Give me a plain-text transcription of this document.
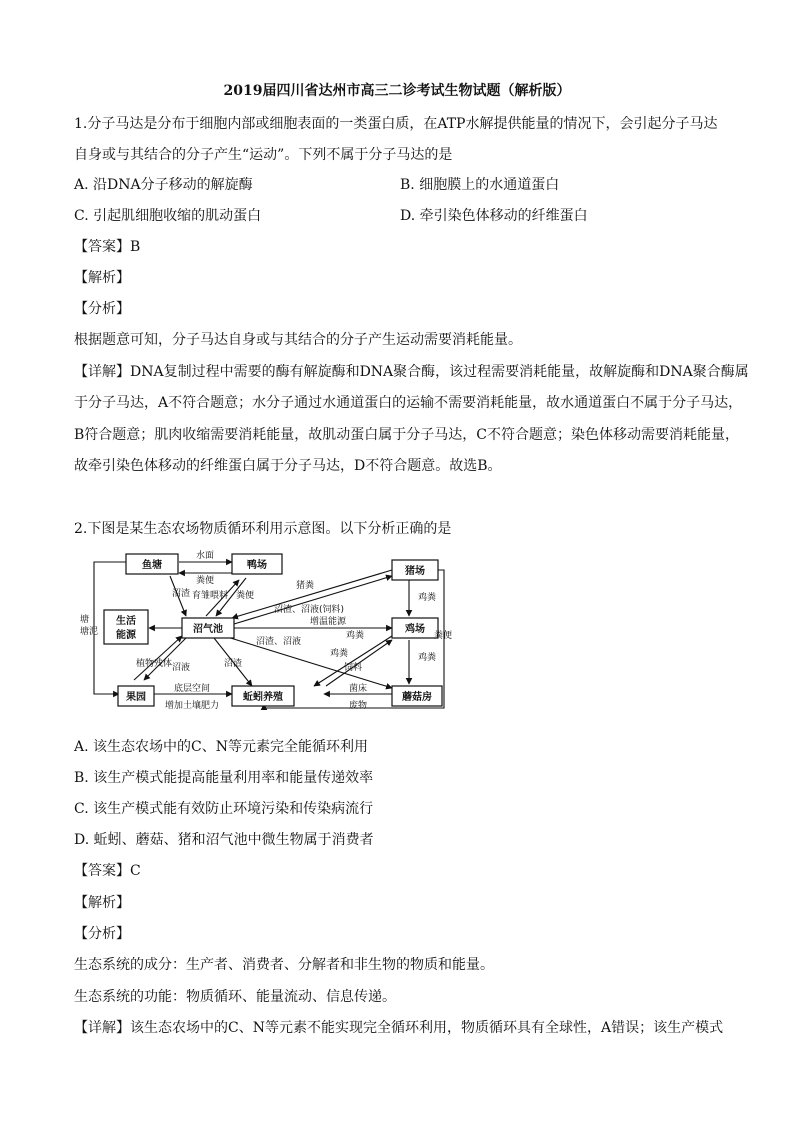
2019届四川省达州市高三二诊考试生物试题（解析版）
1.分子马达是分布于细胞内部或细胞表面的一类蛋白质，在ATP水解提供能量的情况下，会引起分子马达
自身或与其结合的分子产生“运动”。下列不属于分子马达的是
A. 沿DNA分子移动的解旋酶	B. 细胞膜上的水通道蛋白
C. 引起肌细胞收缩的肌动蛋白	D. 牵引染色体移动的纤维蛋白
【答案】B
【解析】
【分析】
根据题意可知，分子马达自身或与其结合的分子产生运动需要消耗能量。
【详解】DNA复制过程中需要的酶有解旋酶和DNA聚合酶，该过程需要消耗能量，故解旋酶和DNA聚合酶属
于分子马达，A不符合题意；水分子通过水通道蛋白的运输不需要消耗能量，故水通道蛋白不属于分子马达，
B符合题意；肌肉收缩需要消耗能量，故肌动蛋白属于分子马达，C不符合题意；染色体移动需要消耗能量，
故牵引染色体移动的纤维蛋白属于分子马达，D不符合题意。故选B。
2.下图是某生态农场物质循环利用示意图。以下分析正确的是
鱼塘	鸭场
猪场
生活
能源
沼气池	鸡场
果园	蚯蚓养殖	蘑菇房
水面
粪便
沼渣 育雏喂料 粪便
猪粪
沼渣、沼液(饲料)
塘
塘泥
增温能源
鸡粪
沼渣、沼液
鸡粪
植物残体 沼液	沼渣
鸡粪
饲料
鸡粪
粪便
底层空间
增加土壤肥力
菌床
废物
A. 该生态农场中的C、N等元素完全能循环利用
B. 该生产模式能提高能量利用率和能量传递效率
C. 该生产模式能有效防止环境污染和传染病流行
D. 蚯蚓、蘑菇、猪和沼气池中微生物属于消费者
【答案】C
【解析】
【分析】
生态系统的成分：生产者、消费者、分解者和非生物的物质和能量。
生态系统的功能：物质循环、能量流动、信息传递。
【详解】该生态农场中的C、N等元素不能实现完全循环利用，物质循环具有全球性，A错误；该生产模式
